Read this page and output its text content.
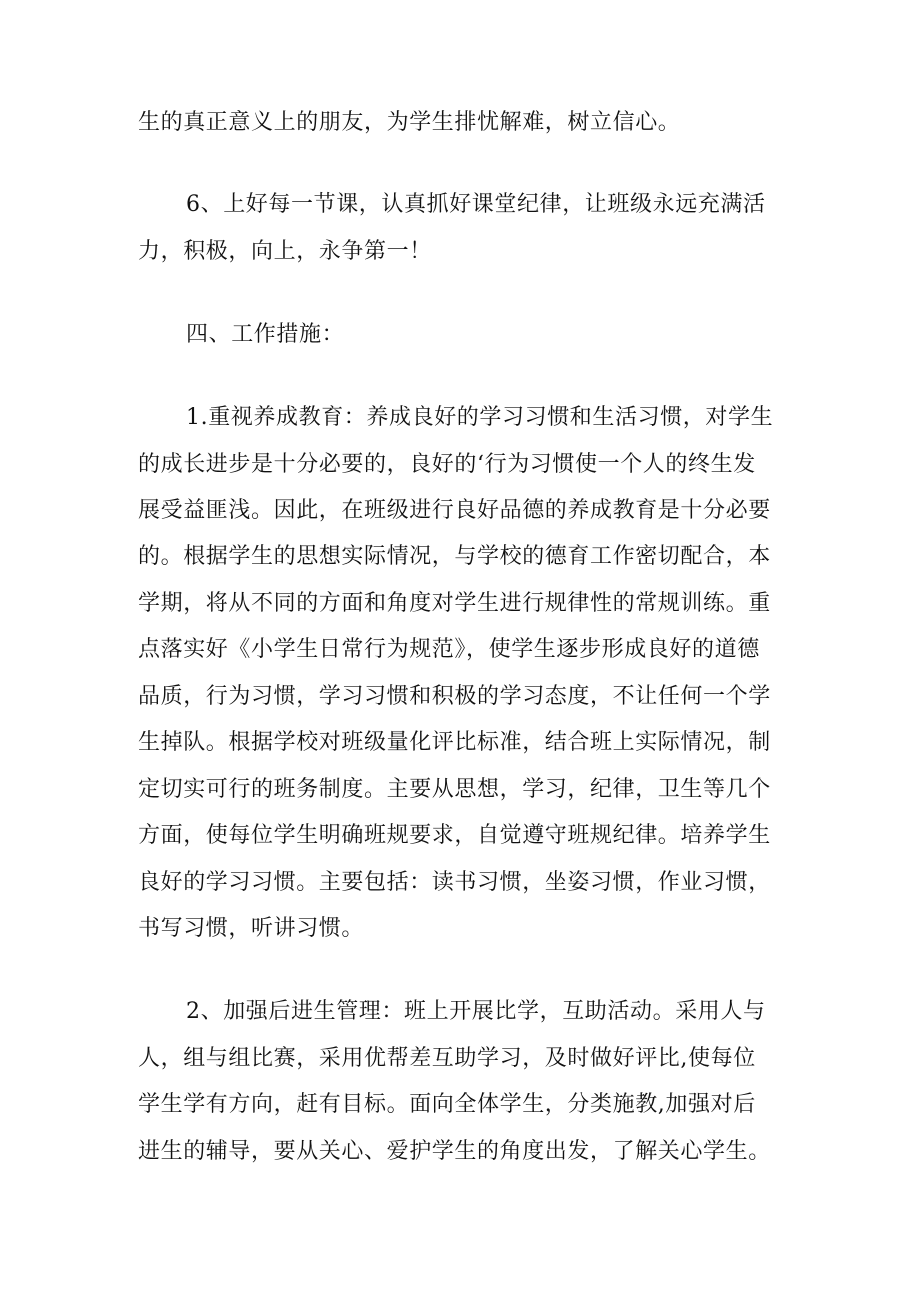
生的真正意义上的朋友，为学生排忧解难，树立信心。
6、上好每一节课，认真抓好课堂纪律，让班级永远充满活
力，积极，向上，永争第一！
四、工作措施：
1.重视养成教育：养成良好的学习习惯和生活习惯，对学生
的成长进步是十分必要的，良好的‘行为习惯使一个人的终生发
展受益匪浅。因此，在班级进行良好品德的养成教育是十分必要
的。根据学生的思想实际情况，与学校的德育工作密切配合，本
学期，将从不同的方面和角度对学生进行规律性的常规训练。重
点落实好《小学生日常行为规范》，使学生逐步形成良好的道德
品质，行为习惯，学习习惯和积极的学习态度，不让任何一个学
生掉队。根据学校对班级量化评比标准，结合班上实际情况，制
定切实可行的班务制度。主要从思想，学习，纪律，卫生等几个
方面，使每位学生明确班规要求，自觉遵守班规纪律。培养学生
良好的学习习惯。主要包括：读书习惯，坐姿习惯，作业习惯，
书写习惯，听讲习惯。
2、加强后进生管理：班上开展比学，互助活动。采用人与
人，组与组比赛，采用优帮差互助学习，及时做好评比,使每位
学生学有方向，赶有目标。面向全体学生，分类施教,加强对后
进生的辅导，要从关心、爱护学生的角度出发，了解关心学生。
